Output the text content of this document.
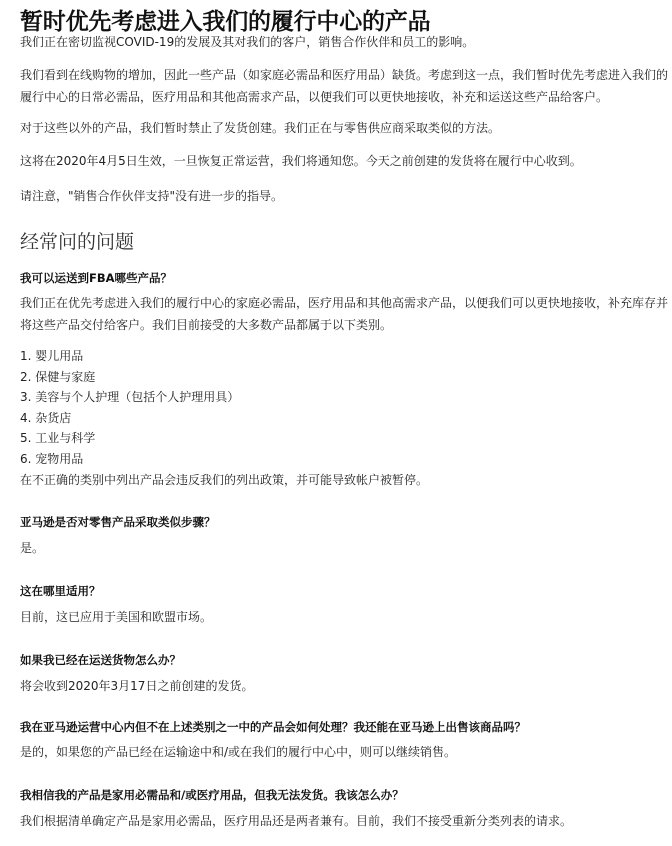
暂时优先考虑进入我们的履行中心的产品

我们正在密切监视COVID-19的发展及其对我们的客户，销售合作伙伴和员工的影响。

我们看到在线购物的增加，因此一些产品（如家庭必需品和医疗用品）缺货。考虑到这一点，我们暂时优先考虑进入我们的履行中心的日常必需品，医疗用品和其他高需求产品，以便我们可以更快地接收，补充和运送这些产品给客户。

对于这些以外的产品，我们暂时禁止了发货创建。我们正在与零售供应商采取类似的方法。

这将在2020年4月5日生效，一旦恢复正常运营，我们将通知您。今天之前创建的发货将在履行中心收到。

请注意，"销售合作伙伴支持"没有进一步的指导。

经常问的问题

我可以运送到FBA哪些产品？

我们正在优先考虑进入我们的履行中心的家庭必需品，医疗用品和其他高需求产品，以便我们可以更快地接收，补充库存并将这些产品交付给客户。我们目前接受的大多数产品都属于以下类别。

1. 婴儿用品
2. 保健与家庭
3. 美容与个人护理（包括个人护理用具）
4. 杂货店
5. 工业与科学
6. 宠物用品
在不正确的类别中列出产品会违反我们的列出政策，并可能导致帐户被暂停。

亚马逊是否对零售产品采取类似步骤？

是。

这在哪里适用？

目前，这已应用于美国和欧盟市场。

如果我已经在运送货物怎么办？

将会收到2020年3月17日之前创建的发货。

我在亚马逊运营中心内但不在上述类别之一中的产品会如何处理？我还能在亚马逊上出售该商品吗？

是的，如果您的产品已经在运输途中和/或在我们的履行中心中，则可以继续销售。

我相信我的产品是家用必需品和/或医疗用品，但我无法发货。我该怎么办？

我们根据清单确定产品是家用必需品，医疗用品还是两者兼有。目前，我们不接受重新分类列表的请求。
